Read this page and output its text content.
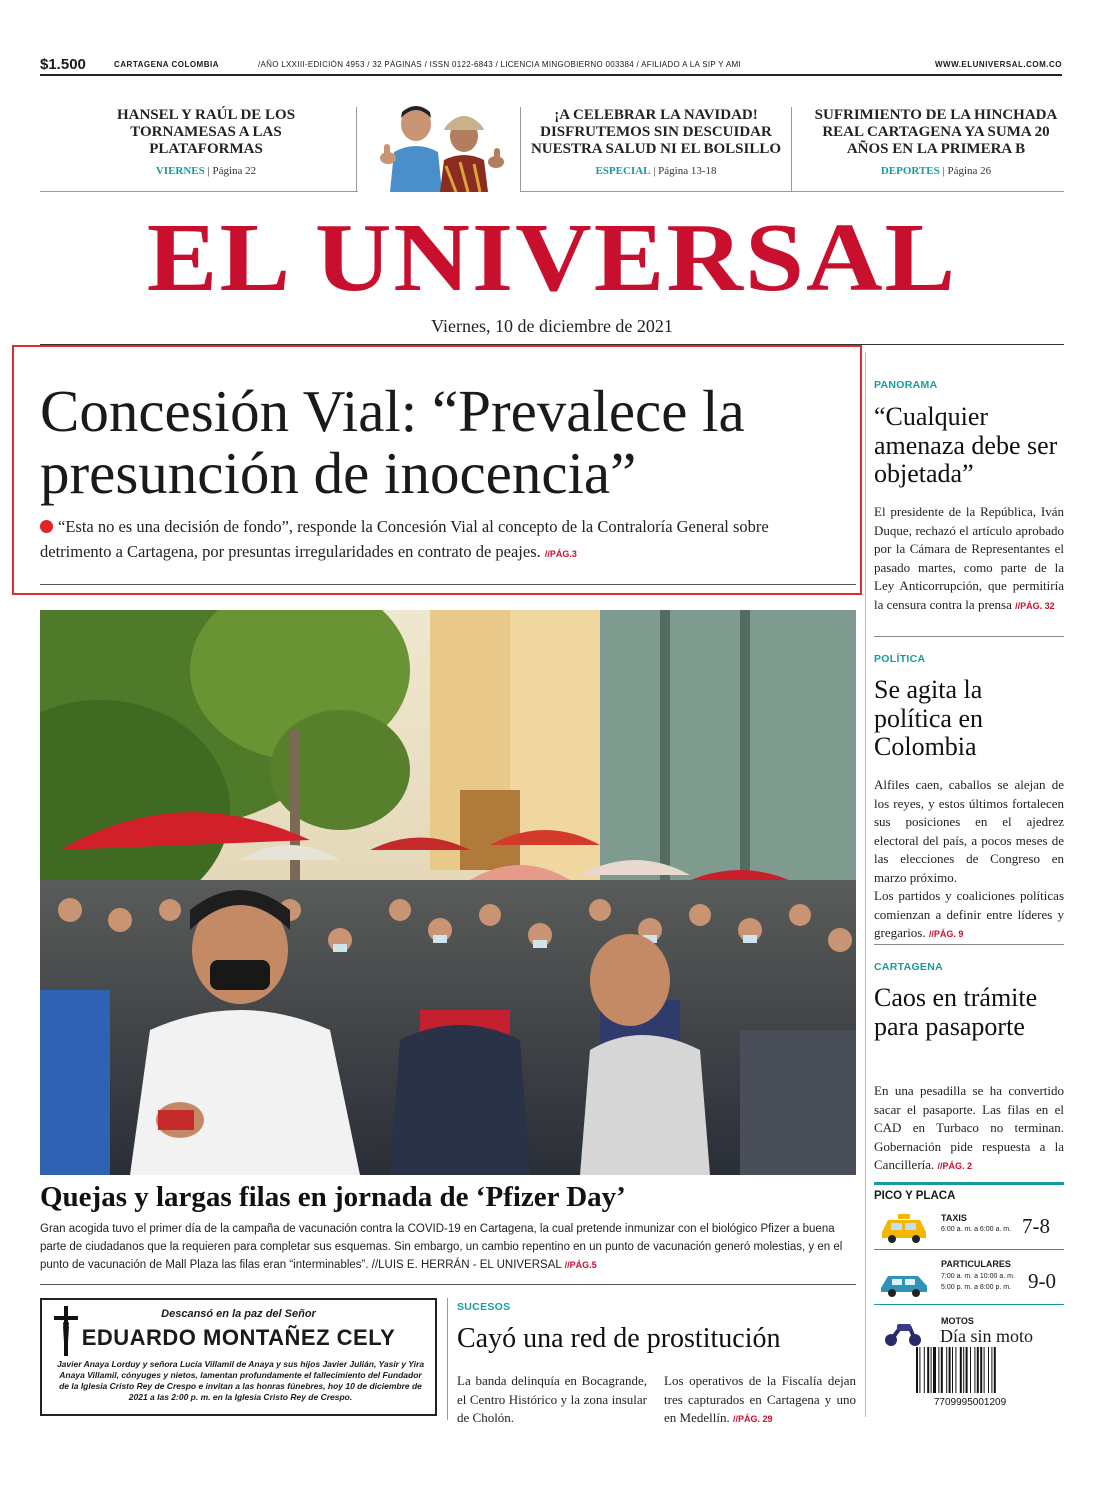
$1.500	CARTAGENA COLOMBIA	/AÑO LXXIII-EDICIÓN 4953 / 32 PÁGINAS / ISSN 0122-6843 / LICENCIA MINGOBIERNO 003384 / AFILIADO A LA SIP Y AMI	WWW.ELUNIVERSAL.COM.CO
HANSEL Y RAÚL DE LOS TORNAMESAS A LAS PLATAFORMAS
VIERNES | Página 22
¡A CELEBRAR LA NAVIDAD! DISFRUTEMOS SIN DESCUIDAR NUESTRA SALUD NI EL BOLSILLO
ESPECIAL | Página 13-18
SUFRIMIENTO DE LA HINCHADA REAL CARTAGENA YA SUMA 20 AÑOS EN LA PRIMERA B
DEPORTES | Página 26
EL UNIVERSAL
Viernes, 10 de diciembre de 2021
Concesión Vial: “Prevalece la presunción de inocencia”
“Esta no es una decisión de fondo”, responde la Concesión Vial al concepto de la Contraloría General sobre detrimento a Cartagena, por presuntas irregularidades en contrato de peajes. //PÁG.3
Quejas y largas filas en jornada de ‘Pfizer Day’
Gran acogida tuvo el primer día de la campaña de vacunación contra la COVID-19 en Cartagena, la cual pretende inmunizar con el biológico Pfizer a buena parte de ciudadanos que la requieren para completar sus esquemas. Sin embargo, un cambio repentino en un punto de vacunación generó molestias, y en el punto de vacunación de Mall Plaza las filas eran “interminables”. //LUIS E. HERRÁN - EL UNIVERSAL //PÁG.5
Descansó en la paz del Señor
EDUARDO MONTAÑEZ CELY
Javier Anaya Lorduy y señora Lucía Villamil de Anaya y sus hijos Javier Julián, Yasir y Yira Anaya Villamil, cónyuges y nietos, lamentan profundamente el fallecimiento del Fundador de la Iglesia Cristo Rey de Crespo e invitan a las honras fúnebres, hoy 10 de diciembre de 2021 a las 2:00 p. m. en la Iglesia Cristo Rey de Crespo.
SUCESOS
Cayó una red de prostitución
La banda delinquía en Bocagrande, el Centro Histórico y la zona insular de Cholón.
Los operativos de la Fiscalía dejan tres capturados en Cartagena y uno en Medellín. //PÁG. 29
PANORAMA
“Cualquier amenaza debe ser objetada”
El presidente de la República, Iván Duque, rechazó el artículo aprobado por la Cámara de Representantes el pasado martes, como parte de la Ley Anticorrupción, que permitiría la censura contra la prensa //PÁG. 32
POLÍTICA
Se agita la política en Colombia
Alfiles caen, caballos se alejan de los reyes, y estos últimos fortalecen sus posiciones en el ajedrez electoral del país, a pocos meses de las elecciones de Congreso en marzo próximo.
Los partidos y coaliciones políticas comienzan a definir entre líderes y gregarios. //PÁG. 9
CARTAGENA
Caos en trámite para pasaporte
En una pesadilla se ha convertido sacar el pasaporte. Las filas en el CAD en Turbaco no terminan. Gobernación pide respuesta a la Cancillería. //PÁG. 2
PICO Y PLACA
TAXIS
6:00 a. m. a 6:00 a. m. 7-8
PARTICULARES
7:00 a. m. a 10:00 a. m.
5:00 p. m. a 8:00 p. m. 9-0
MOTOS
Día sin moto
7709995001209
